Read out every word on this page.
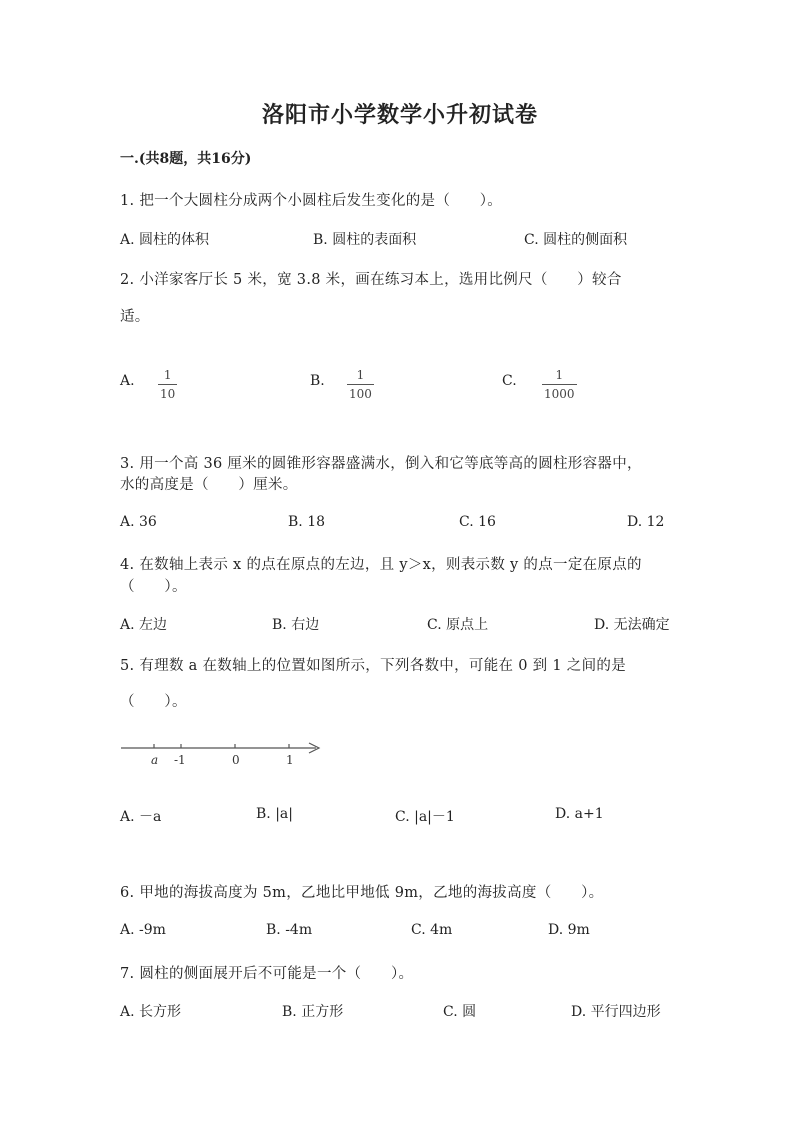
洛阳市小学数学小升初试卷
一.(共8题，共16分)
1. 把一个大圆柱分成两个小圆柱后发生变化的是（　　）。
A. 圆柱的体积	B. 圆柱的表面积	C. 圆柱的侧面积
2. 小洋家客厅长 5 米，宽 3.8 米，画在练习本上，选用比例尺（　　）较合
适。
A.	1
10
B.	1
100
C.	1
1000
3. 用一个高 36 厘米的圆锥形容器盛满水，倒入和它等底等高的圆柱形容器中，
水的高度是（　　）厘米。
A. 36	B. 18	C. 16	D. 12
4. 在数轴上表示 x 的点在原点的左边，且 y＞x，则表示数 y 的点一定在原点的
（　　）。
A. 左边	B. 右边	C. 原点上	D. 无法确定
5. 有理数 a 在数轴上的位置如图所示，下列各数中，可能在 0 到 1 之间的是
（　　）。
a -1	0	1
A. －a	B. |a|	C. |a|－1	D. a+1
6. 甲地的海拔高度为 5m，乙地比甲地低 9m，乙地的海拔高度（　　）。
A. -9m	B. -4m	C. 4m	D. 9m
7. 圆柱的侧面展开后不可能是一个（　　）。
A. 长方形	B. 正方形	C. 圆	D. 平行四边形
